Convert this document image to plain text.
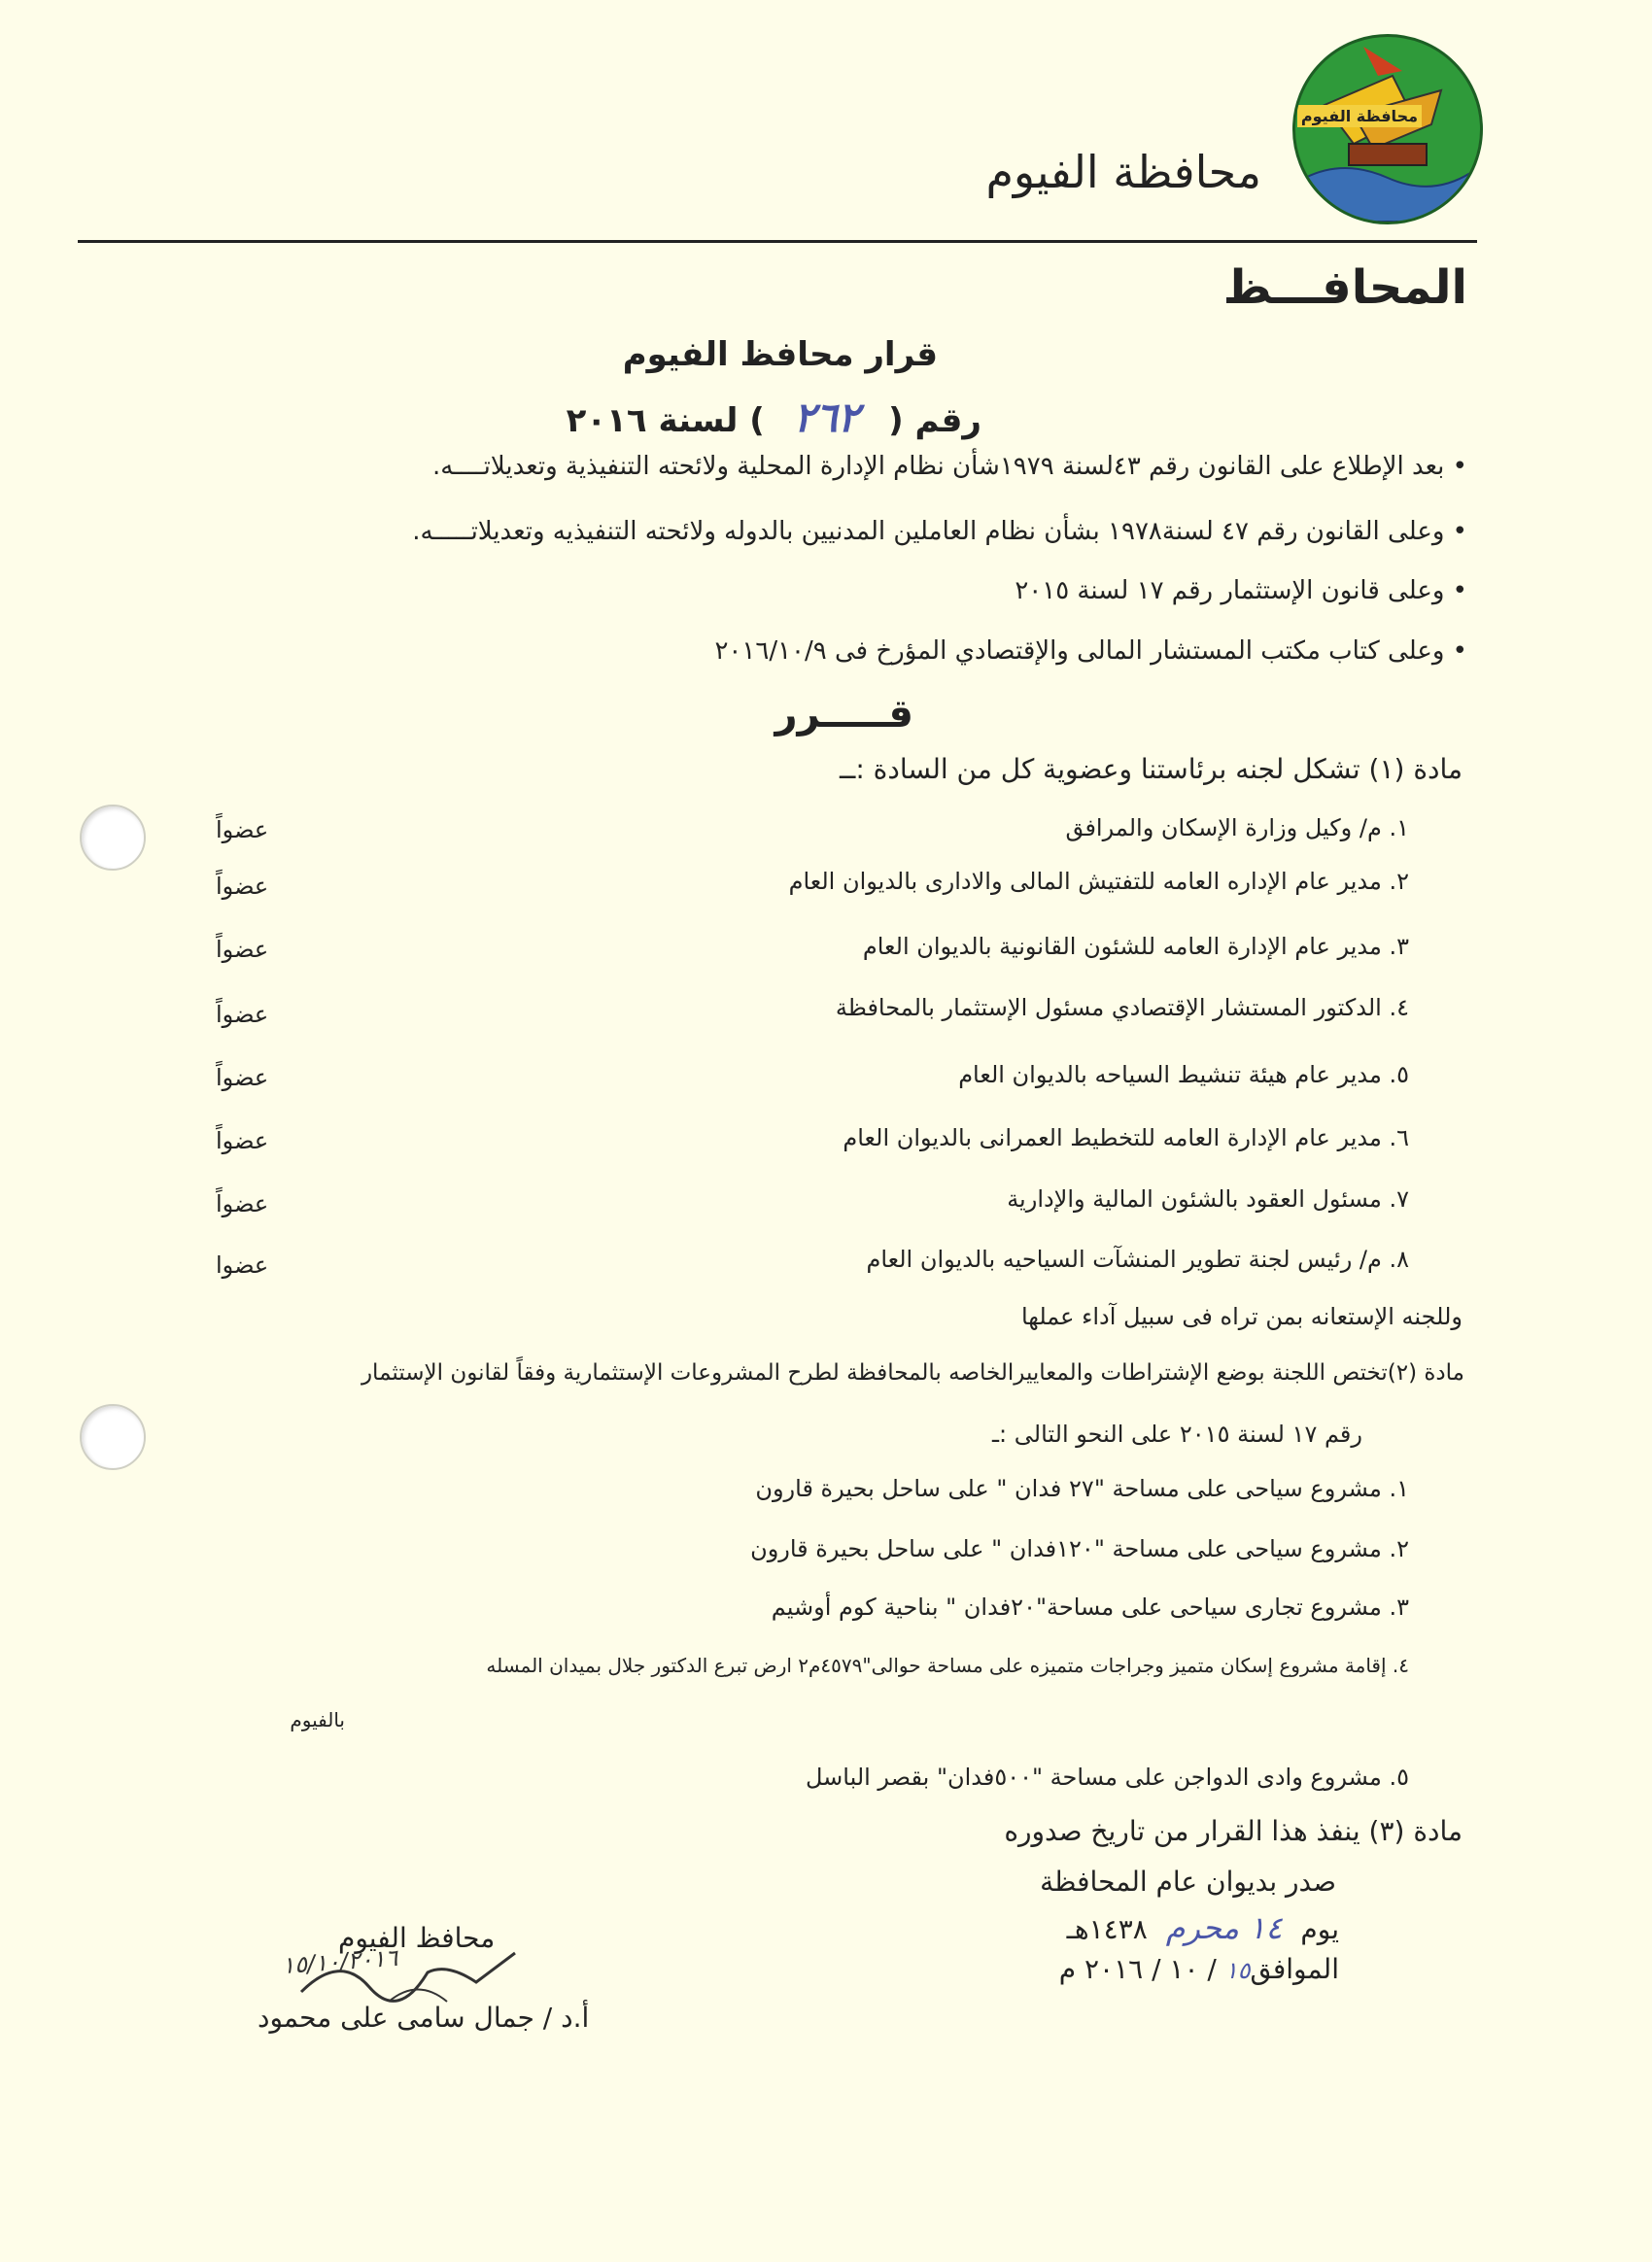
محافظة الفيوم
محافظة الفيوم
المحافـــظ
قرار محافظ الفيوم
رقم ( ٢٦٢ ) لسنة ٢٠١٦
• بعد الإطلاع على القانون رقم ٤٣لسنة ١٩٧٩شأن نظام الإدارة المحلية ولائحته التنفيذية وتعديلاتــــه.
• وعلى القانون رقم ٤٧ لسنة١٩٧٨ بشأن نظام العاملين المدنيين بالدوله ولائحته التنفيذيه وتعديلاتـــــه.
• وعلى قانون الإستثمار رقم ١٧ لسنة ٢٠١٥
• وعلى كتاب مكتب المستشار المالى والإقتصادي المؤرخ فى ٢٠١٦/١٠/٩
قـــــرر
مادة (١) تشكل لجنه برئاستنا وعضوية كل من السادة :ــ
١. م/ وكيل وزارة الإسكان والمرافق
عضواً
٢. مدير عام الإداره العامه للتفتيش المالى والادارى بالديوان العام
عضواً
٣. مدير عام الإدارة العامه للشئون القانونية بالديوان العام
عضواً
٤. الدكتور المستشار الإقتصادي مسئول الإستثمار بالمحافظة
عضواً
٥. مدير عام هيئة تنشيط السياحه بالديوان العام
عضواً
٦. مدير عام الإدارة العامه للتخطيط العمرانى بالديوان العام
عضواً
٧. مسئول العقود بالشئون المالية والإدارية
عضواً
٨. م/ رئيس لجنة تطوير المنشآت السياحيه بالديوان العام
عضوا
وللجنه الإستعانه بمن تراه فى سبيل آداء عملها
مادة (٢)تختص اللجنة بوضع الإشتراطات والمعاييرالخاصه بالمحافظة لطرح المشروعات الإستثمارية وفقاً لقانون الإستثمار
رقم ١٧ لسنة ٢٠١٥ على النحو التالى :ـ
١. مشروع سياحى على مساحة "٢٧ فدان " على ساحل بحيرة قارون
٢. مشروع سياحى على مساحة "١٢٠فدان " على ساحل بحيرة قارون
٣. مشروع تجارى سياحى على مساحة"٢٠فدان " بناحية كوم أوشيم
٤. إقامة مشروع إسكان متميز وجراجات متميزه على مساحة حوالى"٤٥٧٩م٢ ارض تبرع الدكتور جلال بميدان المسله
بالفيوم
٥. مشروع وادى الدواجن على مساحة "٥٠٠فدان" بقصر الباسل
مادة (٣) ينفذ هذا القرار من تاريخ صدوره
صدر بديوان عام المحافظة
يوم ١٤ محرم ١٤٣٨هـ
الموافق١٥ / ١٠ / ٢٠١٦ م
محافظ الفيوم
١٥/١٠/٢٠١٦
أ.د / جمال سامى على محمود
